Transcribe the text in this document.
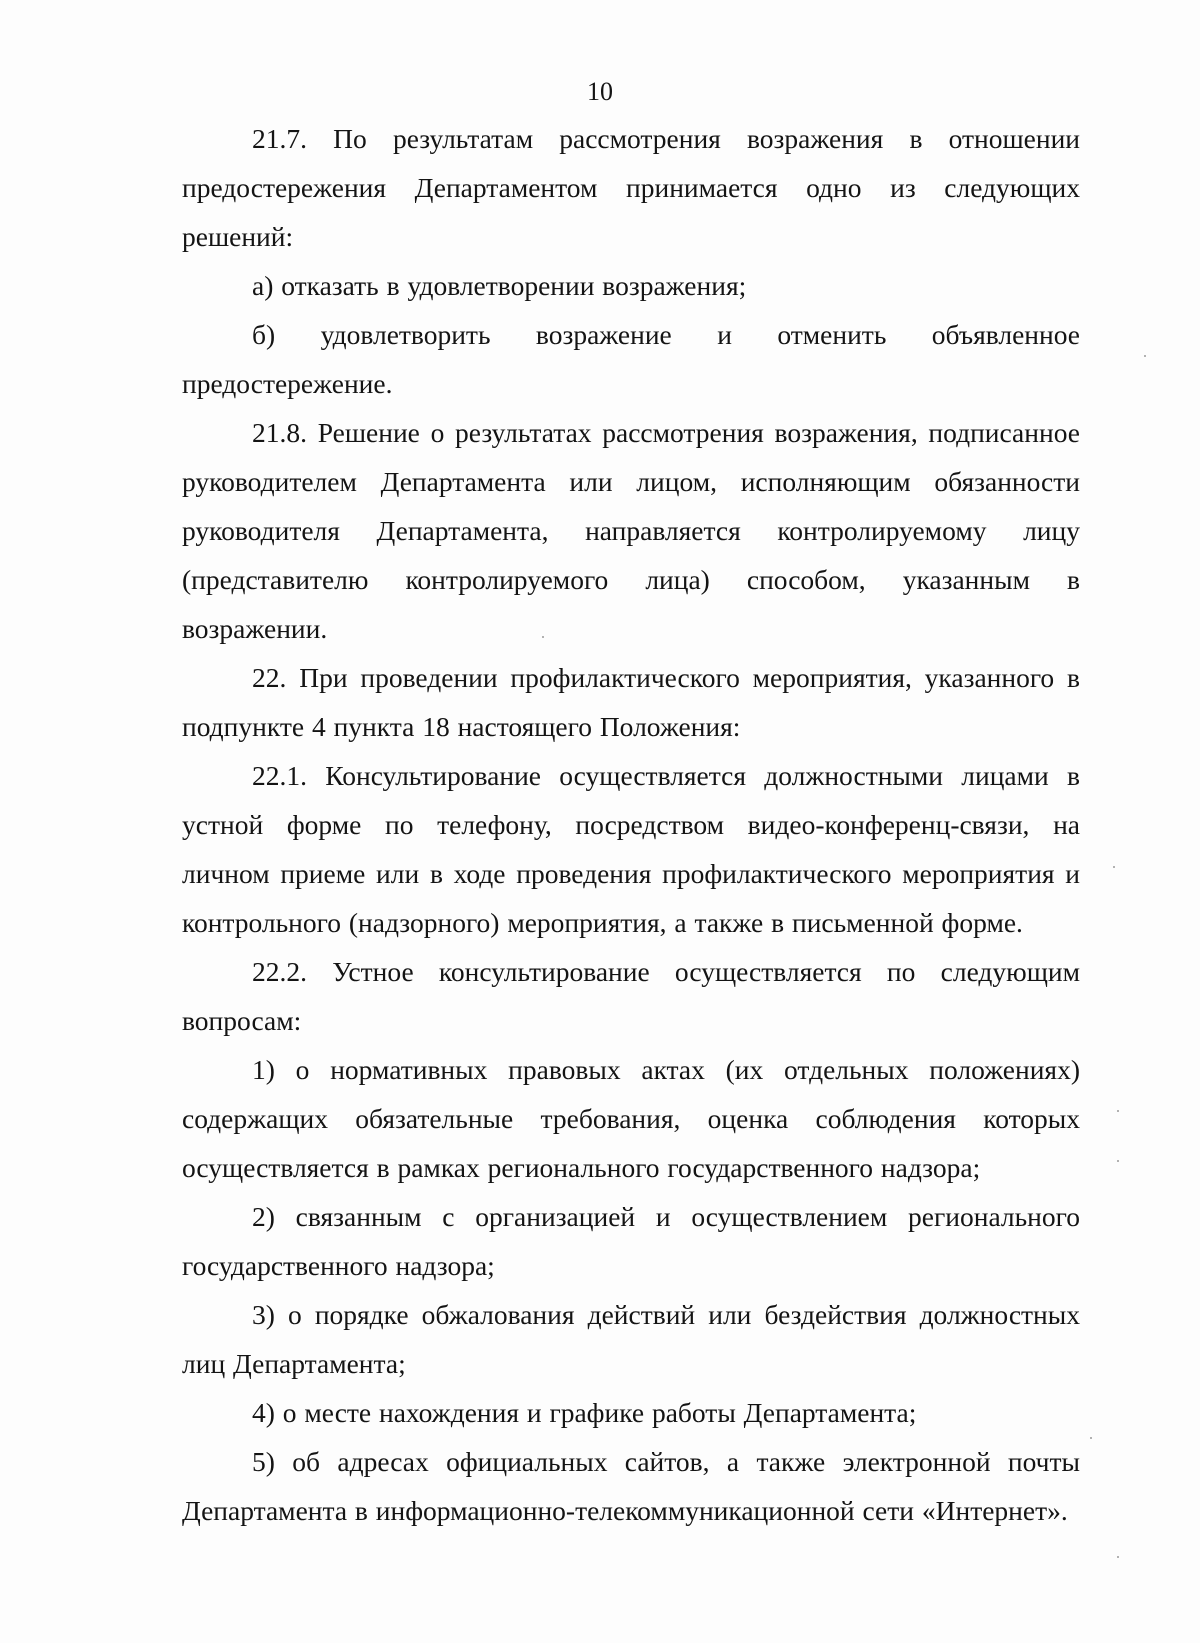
10

21.7. По результатам рассмотрения возражения в отношении предостережения Департаментом принимается одно из следующих решений:

а) отказать в удовлетворении возражения;

б) удовлетворить возражение и отменить объявленное предостережение.

21.8. Решение о результатах рассмотрения возражения, подписанное руководителем Департамента или лицом, исполняющим обязанности руководителя Департамента, направляется контролируемому лицу (представителю контролируемого лица) способом, указанным в возражении.

22. При проведении профилактического мероприятия, указанного в подпункте 4 пункта 18 настоящего Положения:

22.1. Консультирование осуществляется должностными лицами в устной форме по телефону, посредством видео-конференц-связи, на личном приеме или в ходе проведения профилактического мероприятия и контрольного (надзорного) мероприятия, а также в письменной форме.

22.2. Устное консультирование осуществляется по следующим вопросам:

1) о нормативных правовых актах (их отдельных положениях) содержащих обязательные требования, оценка соблюдения которых осуществляется в рамках регионального государственного надзора;

2) связанным с организацией и осуществлением регионального государственного надзора;

3) о порядке обжалования действий или бездействия должностных лиц Департамента;

4) о месте нахождения и графике работы Департамента;

5) об адресах официальных сайтов, а также электронной почты Департамента в информационно-телекоммуникационной сети «Интернет».
